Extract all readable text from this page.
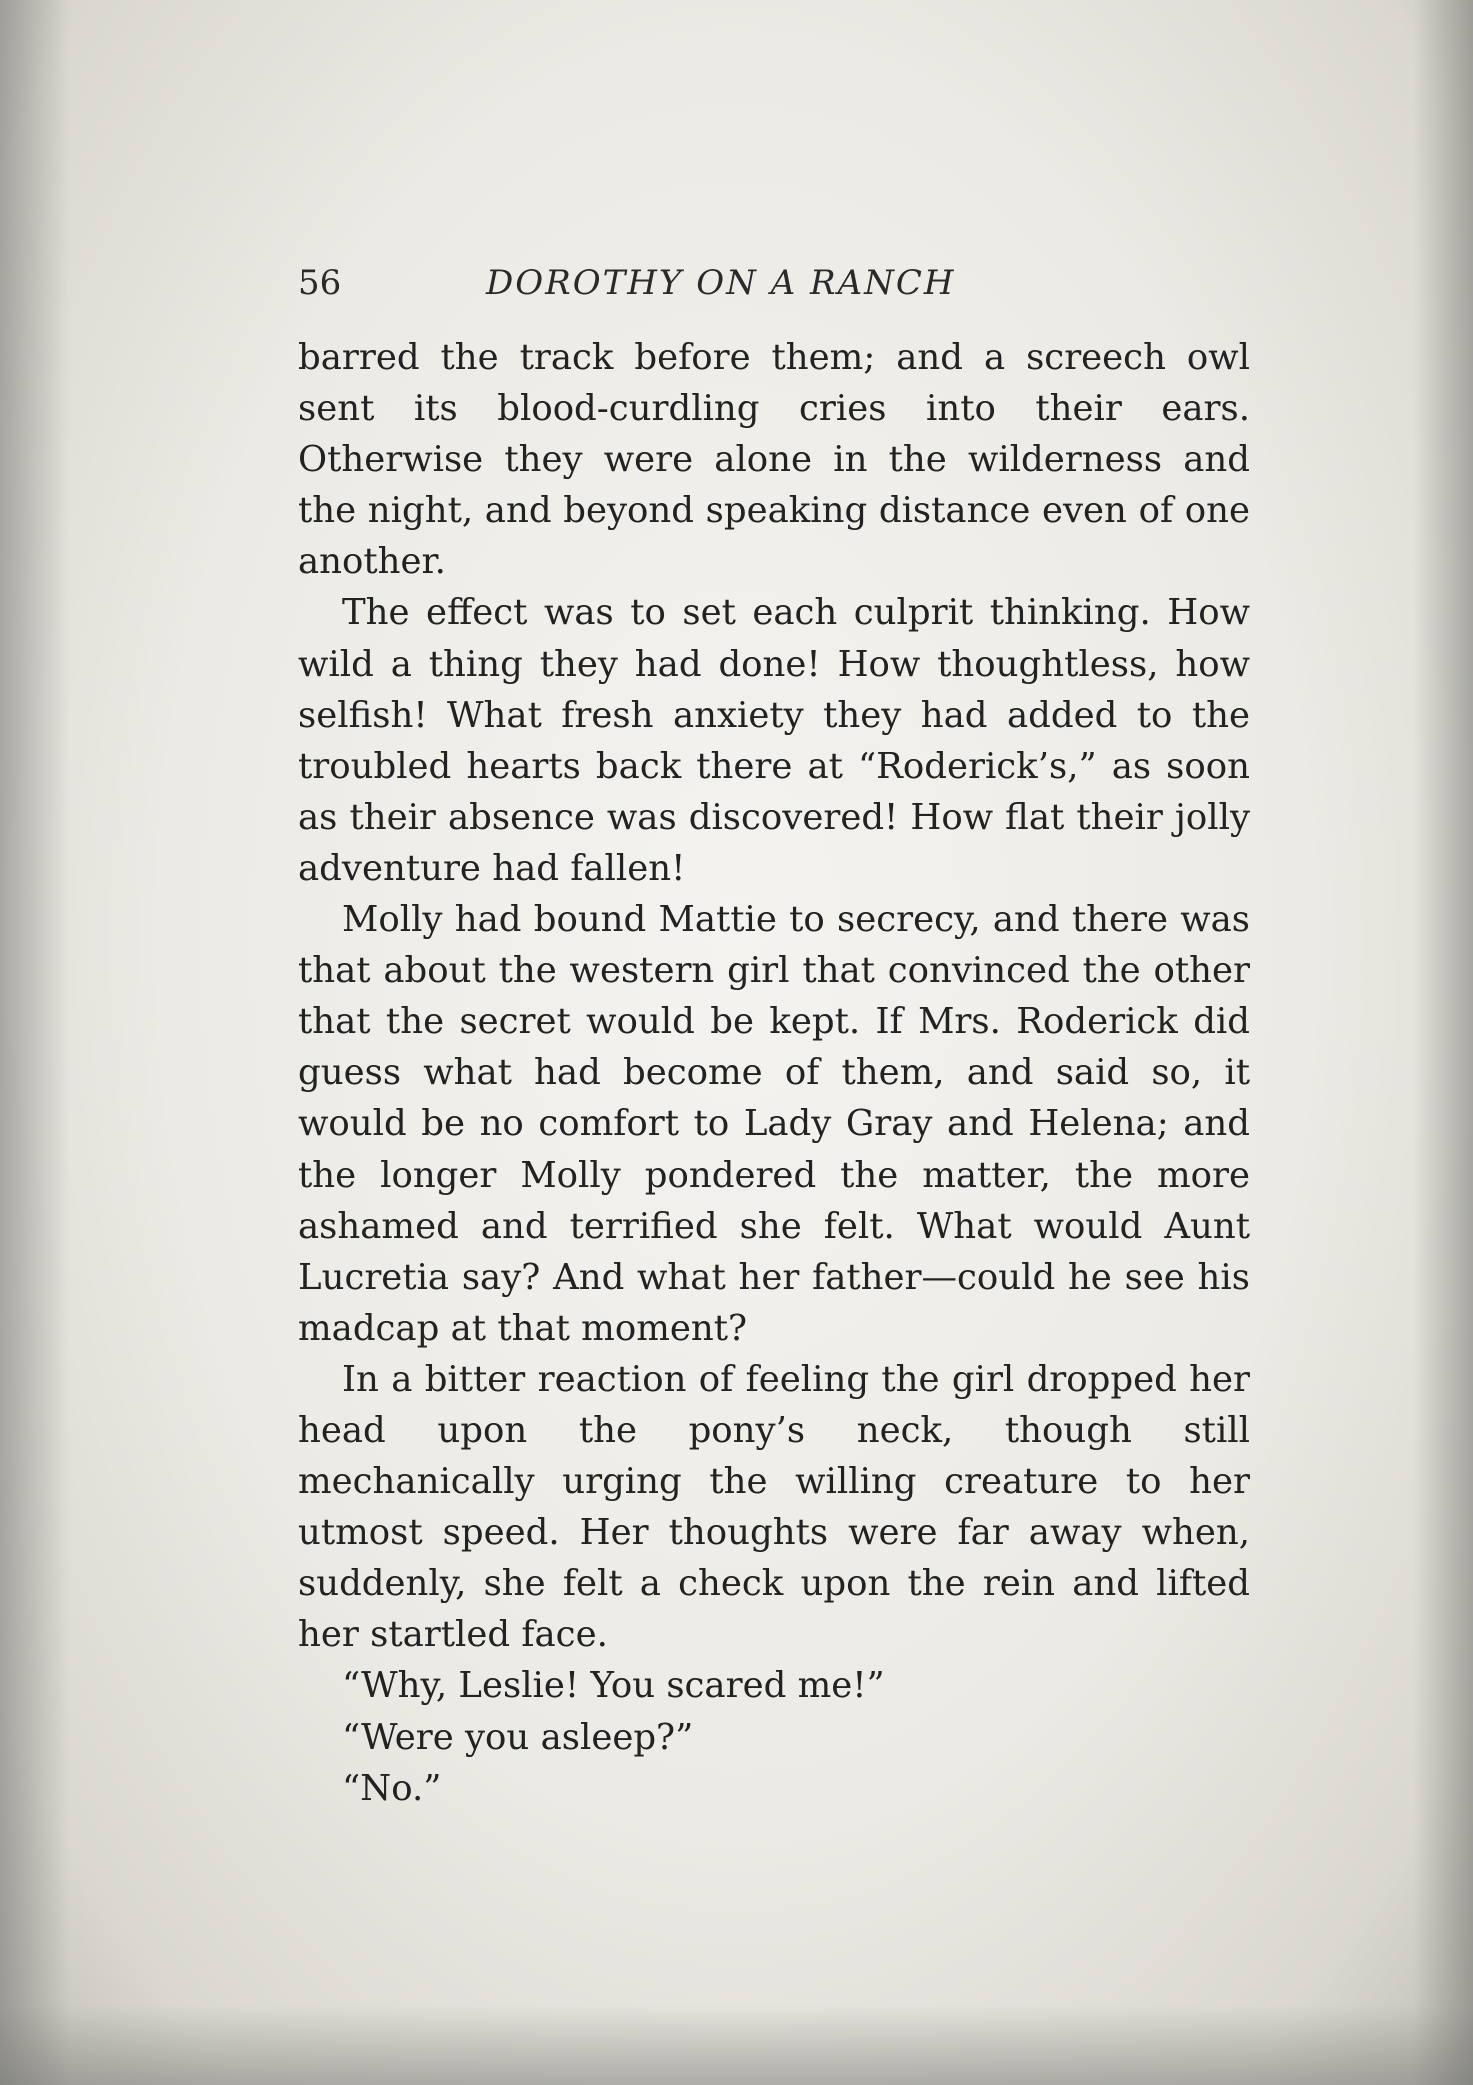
56	DOROTHY ON A RANCH

barred the track before them; and a screech owl sent its blood-curdling cries into their ears. Otherwise they were alone in the wilderness and the night, and beyond speaking distance even of one another.

The effect was to set each culprit thinking. How wild a thing they had done! How thoughtless, how selfish! What fresh anxiety they had added to the troubled hearts back there at “Roderick’s,” as soon as their absence was discovered! How flat their jolly adventure had fallen!

Molly had bound Mattie to secrecy, and there was that about the western girl that convinced the other that the secret would be kept. If Mrs. Roderick did guess what had become of them, and said so, it would be no comfort to Lady Gray and Helena; and the longer Molly pondered the matter, the more ashamed and terrified she felt. What would Aunt Lucretia say? And what her father—could he see his madcap at that moment?

In a bitter reaction of feeling the girl dropped her head upon the pony’s neck, though still mechanically urging the willing creature to her utmost speed. Her thoughts were far away when, suddenly, she felt a check upon the rein and lifted her startled face.

“Why, Leslie! You scared me!”

“Were you asleep?”

“No.”
